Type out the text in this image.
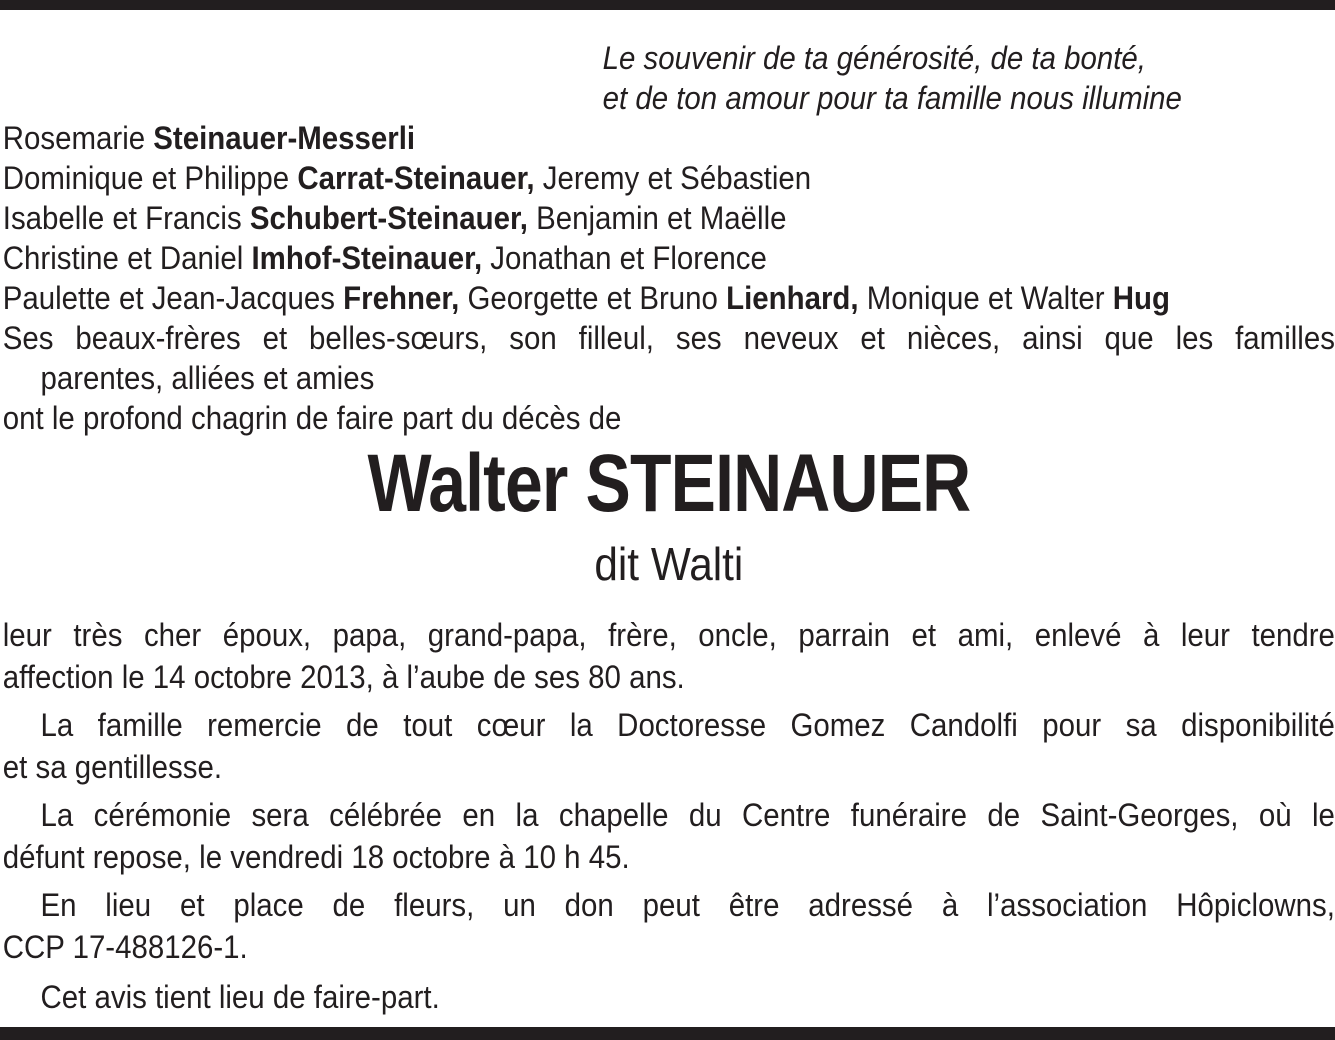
Le souvenir de ta générosité, de ta bonté,
et de ton amour pour ta famille nous illumine
Rosemarie Steinauer-Messerli
Dominique et Philippe Carrat-Steinauer, Jeremy et Sébastien
Isabelle et Francis Schubert-Steinauer, Benjamin et Maëlle
Christine et Daniel Imhof-Steinauer, Jonathan et Florence
Paulette et Jean-Jacques Frehner, Georgette et Bruno Lienhard, Monique et Walter Hug
Ses beaux-frères et belles-sœurs, son filleul, ses neveux et nièces, ainsi que les familles
parentes, alliées et amies
ont le profond chagrin de faire part du décès de
Walter STEINAUER
dit Walti
leur très cher époux, papa, grand-papa, frère, oncle, parrain et ami, enlevé à leur tendre
affection le 14 octobre 2013, à l’aube de ses 80 ans.
La famille remercie de tout cœur la Doctoresse Gomez Candolfi pour sa disponibilité
et sa gentillesse.
La cérémonie sera célébrée en la chapelle du Centre funéraire de Saint-Georges, où le
défunt repose, le vendredi 18 octobre à 10 h 45.
En lieu et place de fleurs, un don peut être adressé à l’association Hôpiclowns,
CCP 17-488126-1.
Cet avis tient lieu de faire-part.
